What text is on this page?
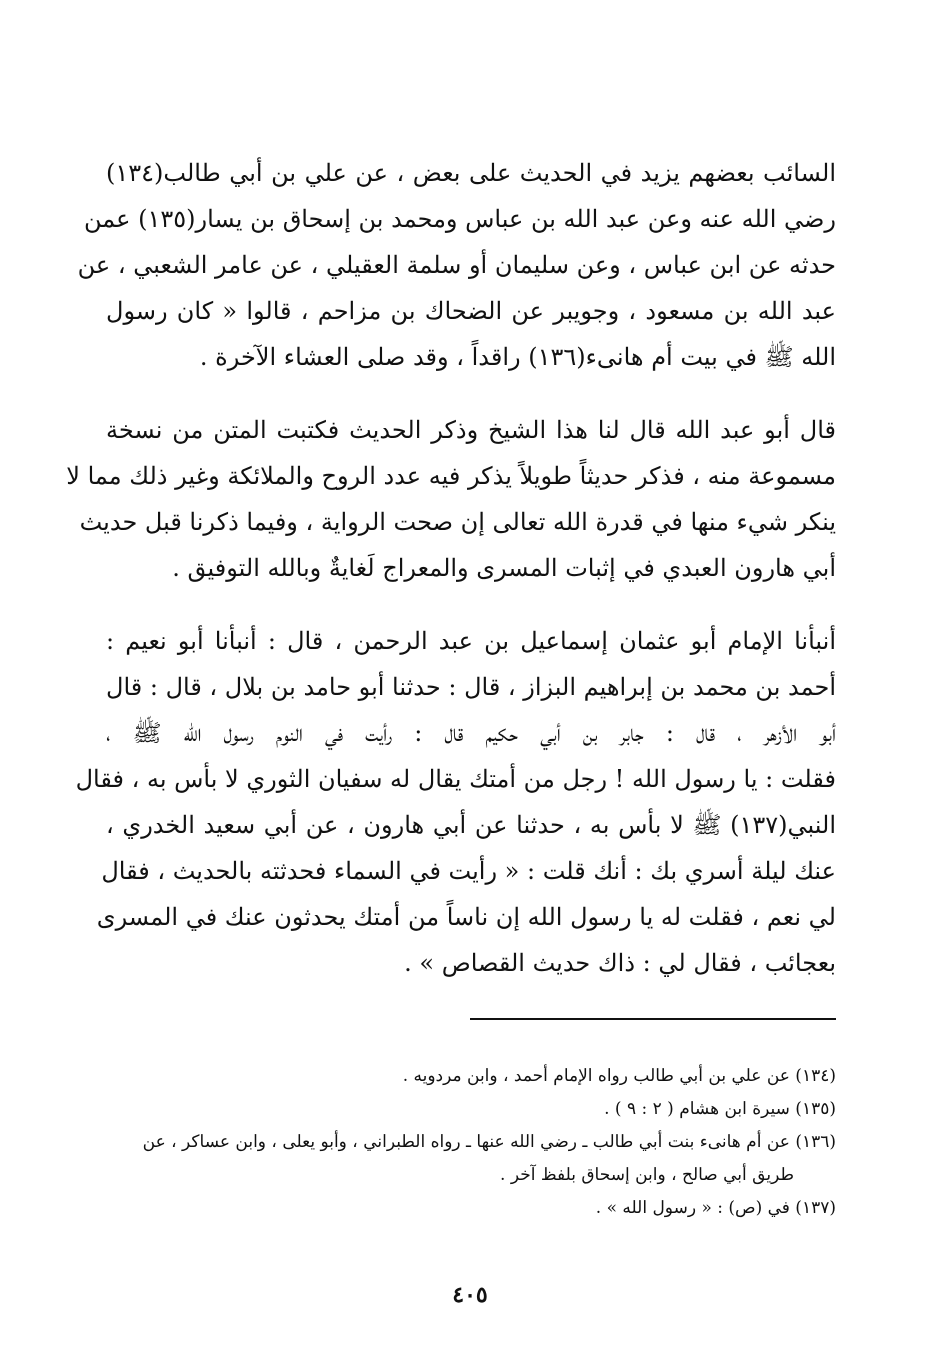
السائب بعضهم يزيد في الحديث على بعض ، عن علي بن أبي طالب(١٣٤)
رضي الله عنه وعن عبد الله بن عباس ومحمد بن إسحاق بن يسار(١٣٥) عمن
حدثه عن ابن عباس ، وعن سليمان أو سلمة العقيلي ، عن عامر الشعبي ، عن
عبد الله بن مسعود ، وجويبر عن الضحاك بن مزاحم ، قالوا « كان رسول
الله ﷺ في بيت أم هانىء(١٣٦) راقداً ، وقد صلى العشاء الآخرة .
قال أبو عبد الله قال لنا هذا الشيخ وذكر الحديث فكتبت المتن من نسخة
مسموعة منه ، فذكر حديثاً طويلاً يذكر فيه عدد الروح والملائكة وغير ذلك مما لا
ينكر شيء منها في قدرة الله تعالى إن صحت الرواية ، وفيما ذكرنا قبل حديث
أبي هارون العبدي في إثبات المسرى والمعراج لَغايةٌ وبالله التوفيق .
أنبأنا الإمام أبو عثمان إسماعيل بن عبد الرحمن ، قال : أنبأنا أبو نعيم :
أحمد بن محمد بن إبراهيم البزاز ، قال : حدثنا أبو حامد بن بلال ، قال : قال
أبو الأزهر ، قال : جابر بن أبي حكيم قال : رأيت في النوم رسول الله ﷺ ،
فقلت : يا رسول الله ! رجل من أمتك يقال له سفيان الثوري لا بأس به ، فقال
النبي(١٣٧) ﷺ لا بأس به ، حدثنا عن أبي هارون ، عن أبي سعيد الخدري ،
عنك ليلة أسري بك : أنك قلت : « رأيت في السماء فحدثته بالحديث ، فقال
لي نعم ، فقلت له يا رسول الله إن ناساً من أمتك يحدثون عنك في المسرى
بعجائب ، فقال لي : ذاك حديث القصاص » .
(١٣٤) عن علي بن أبي طالب رواه الإمام أحمد ، وابن مردويه .
(١٣٥) سيرة ابن هشام ( ٢ : ٩ ) .
(١٣٦) عن أم هانىء بنت أبي طالب ـ رضي الله عنها ـ رواه الطبراني ، وأبو يعلى ، وابن عساكر ، عن
طريق أبي صالح ، وابن إسحاق بلفظ آخر .
(١٣٧) في (ص) : « رسول الله » .
٤٠٥
